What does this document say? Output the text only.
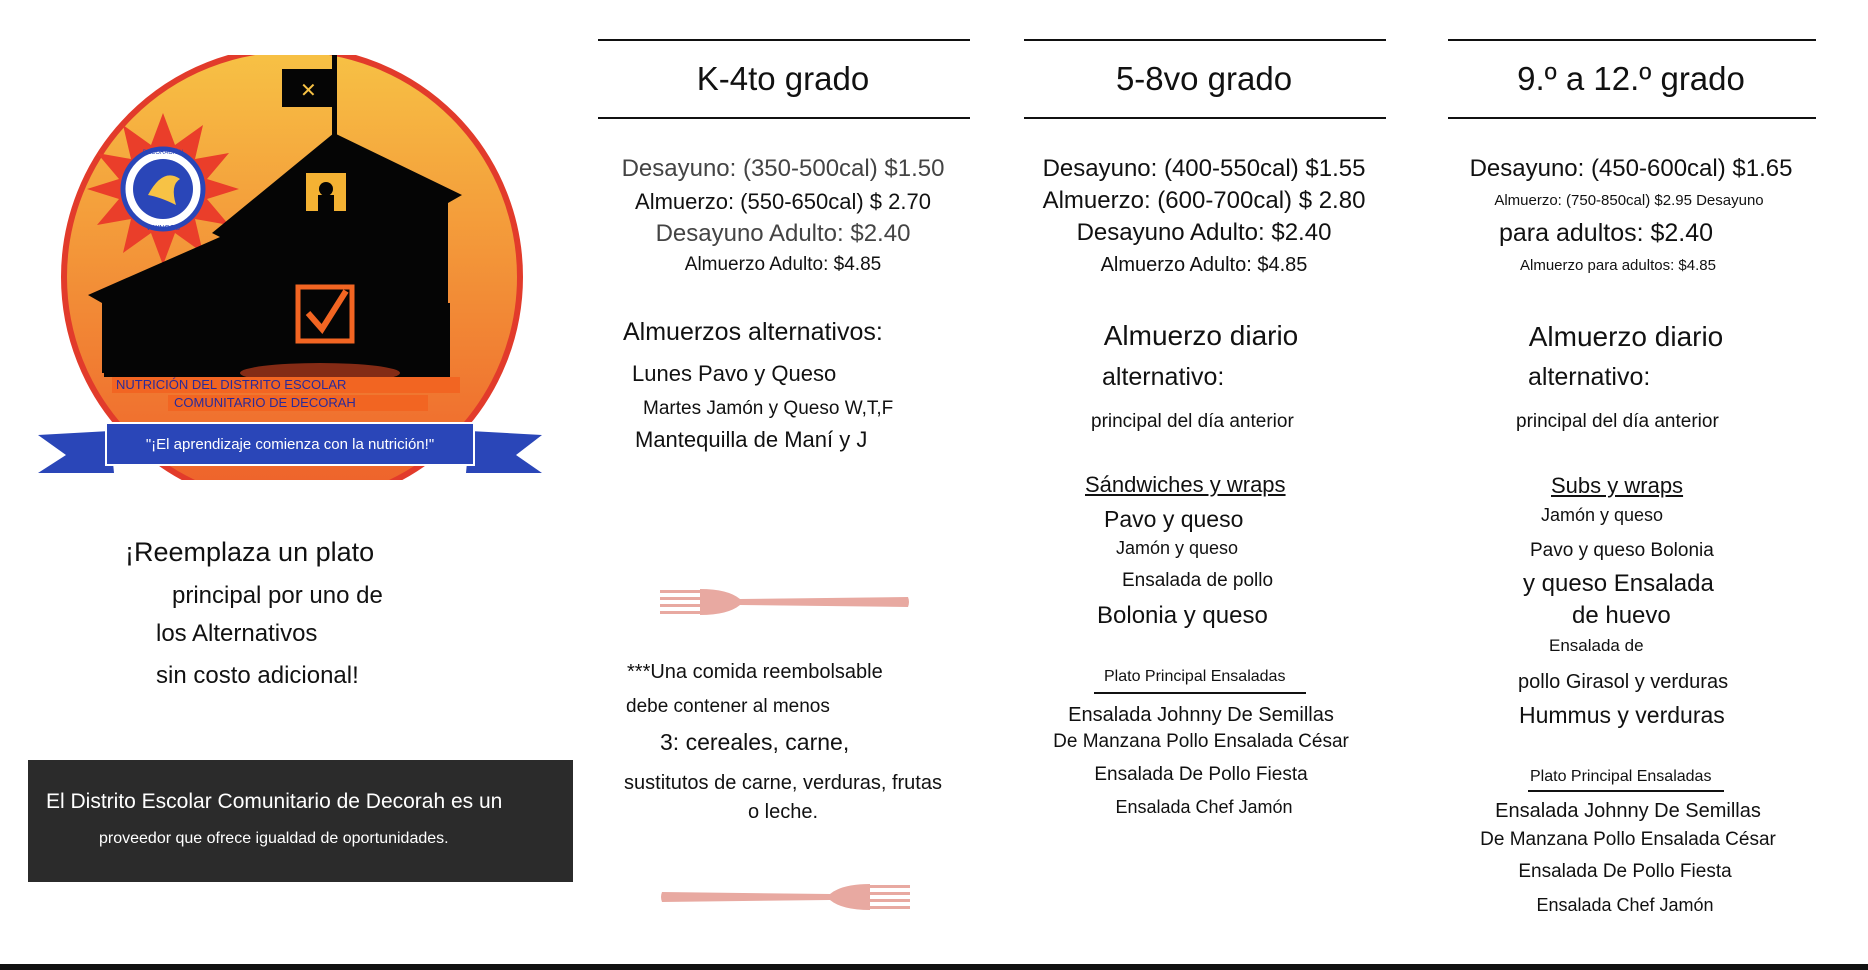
✕
DECORACIÓN
VIKINGOS
NUTRICIÓN DEL DISTRITO ESCOLAR
COMUNITARIO DE DECORAH
"¡El aprendizaje comienza con la nutrición!"
¡Reemplaza un plato
principal por uno de
los Alternativos
sin costo adicional!
El Distrito Escolar Comunitario de Decorah es un
proveedor que ofrece igualdad de oportunidades.
K-4to grado
Desayuno: (350-500cal) $1.50
Almuerzo: (550-650cal) $ 2.70
Desayuno Adulto: $2.40
Almuerzo Adulto: $4.85
Almuerzos alternativos:
Lunes Pavo y Queso
Martes Jamón y Queso W,T,F
Mantequilla de Maní y J
***Una comida reembolsable
debe contener al menos
3: cereales, carne,
sustitutos de carne, verduras, frutas
o leche.
5-8vo grado
Desayuno: (400-550cal) $1.55
Almuerzo: (600-700cal) $ 2.80
Desayuno Adulto: $2.40
Almuerzo Adulto: $4.85
Almuerzo diario
alternativo:
principal del día anterior
Sándwiches y wraps
Pavo y queso
Jamón y queso
Ensalada de pollo
Bolonia y queso
Plato Principal Ensaladas
Ensalada Johnny De Semillas
De Manzana Pollo Ensalada César
Ensalada De Pollo Fiesta
Ensalada Chef Jamón
9.º a 12.º grado
Desayuno: (450-600cal) $1.65
Almuerzo: (750-850cal) $2.95 Desayuno
para adultos: $2.40
Almuerzo para adultos: $4.85
Almuerzo diario
alternativo:
principal del día anterior
Subs y wraps
Jamón y queso
Pavo y queso Bolonia
y queso Ensalada
de huevo
Ensalada de
pollo Girasol y verduras
Hummus y verduras
Plato Principal Ensaladas
Ensalada Johnny De Semillas
De Manzana Pollo Ensalada César
Ensalada De Pollo Fiesta
Ensalada Chef Jamón
